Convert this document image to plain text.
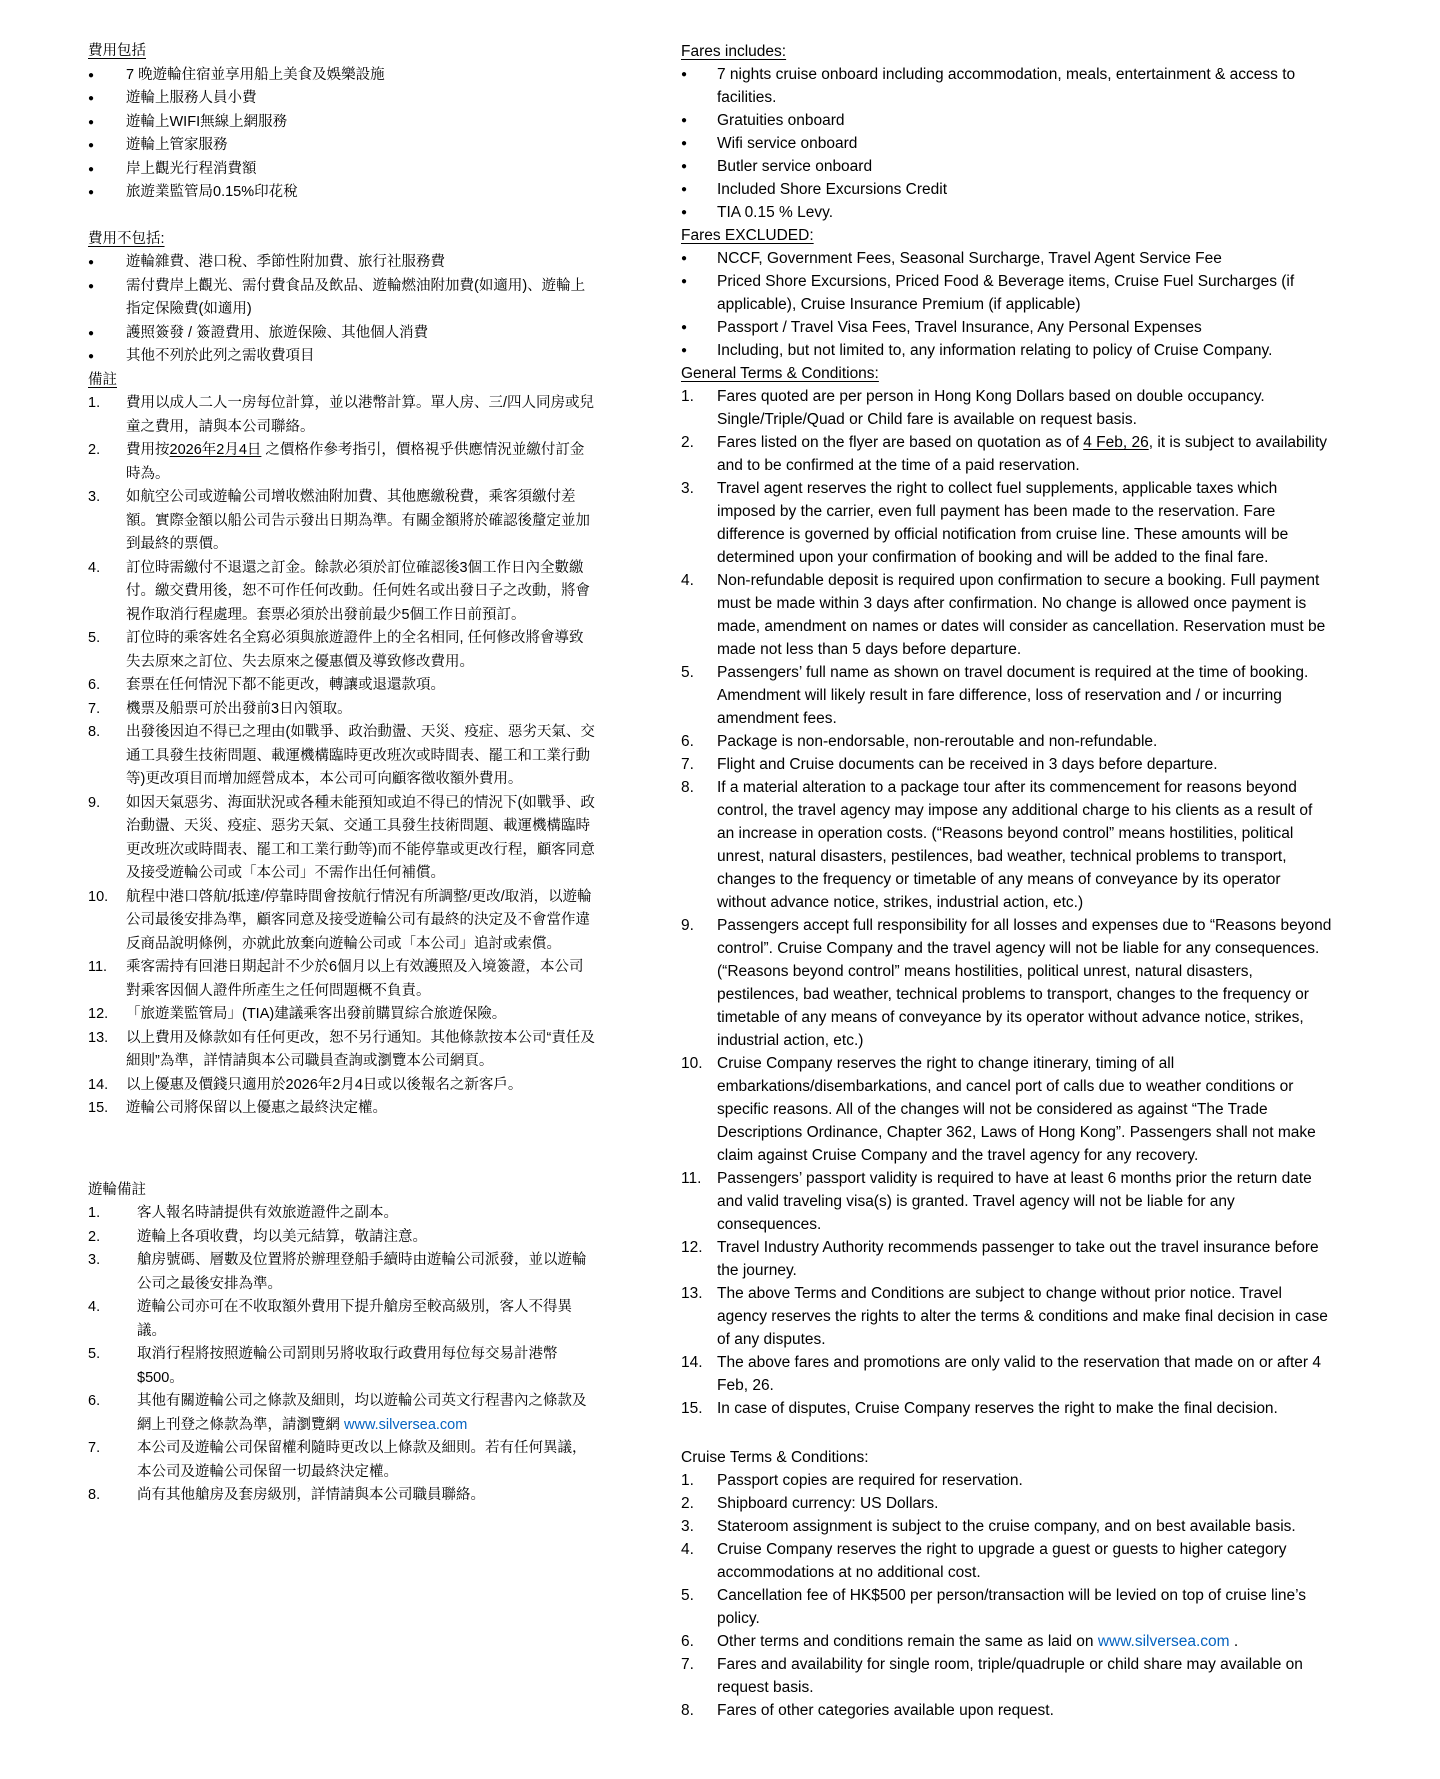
費用包括
●	7 晚遊輪住宿並享用船上美食及娛樂設施
●	遊輪上服務人員小費
●	遊輪上WIFI無線上網服務
●	遊輪上管家服務
●	岸上觀光行程消費額
●	旅遊業監管局0.15%印花稅
費用不包括:
●	遊輪雜費、港口稅、季節性附加費、旅行社服務費
●	需付費岸上觀光、需付費食品及飲品、遊輪燃油附加費(如適用)、遊輪上指定保險費(如適用)
●	護照簽發 / 簽證費用、旅遊保險、其他個人消費
●	其他不列於此列之需收費項目
備註
1.	費用以成人二人一房每位計算，並以港幣計算。單人房、三/四人同房或兒童之費用，請與本公司聯絡。
2.	費用按2026年2月4日 之價格作參考指引，價格視乎供應情況並繳付訂金時為。
3.	如航空公司或遊輪公司增收燃油附加費、其他應繳稅費，乘客須繳付差額。實際金額以船公司告示發出日期為準。有關金額將於確認後釐定並加到最終的票價。
4.	訂位時需繳付不退還之訂金。餘款必須於訂位確認後3個工作日內全數繳付。繳交費用後，恕不可作任何改動。任何姓名或出發日子之改動，將會視作取消行程處理。套票必須於出發前最少5個工作日前預訂。
5.	訂位時的乘客姓名全寫必須與旅遊證件上的全名相同, 任何修改將會導致失去原來之訂位、失去原來之優惠價及導致修改費用。
6.	套票在任何情況下都不能更改，轉讓或退還款項。
7.	機票及船票可於出發前3日內領取。
8.	出發後因迫不得已之理由(如戰爭、政治動盪、天災、疫症、惡劣天氣、交通工具發生技術問題、載運機構臨時更改班次或時間表、罷工和工業行動等)更改項目而增加經營成本，本公司可向顧客徵收額外費用。
9.	如因天氣惡劣、海面狀況或各種未能預知或迫不得已的情況下(如戰爭、政治動盪、天災、疫症、惡劣天氣、交通工具發生技術問題、載運機構臨時更改班次或時間表、罷工和工業行動等)而不能停靠或更改行程，顧客同意及接受遊輪公司或「本公司」不需作出任何補償。
10.	航程中港口啓航/抵達/停靠時間會按航行情況有所調整/更改/取消，以遊輪公司最後安排為準，顧客同意及接受遊輪公司有最終的決定及不會當作違反商品說明條例，亦就此放棄向遊輪公司或「本公司」追討或索償。
11.	乘客需持有回港日期起計不少於6個月以上有效護照及入境簽證，本公司對乘客因個人證件所產生之任何問題概不負責。
12.	「旅遊業監管局」(TIA)建議乘客出發前購買綜合旅遊保險。
13.	以上費用及條款如有任何更改，恕不另行通知。其他條款按本公司“責任及細則”為準，詳情請與本公司職員查詢或瀏覽本公司網頁。
14.	以上優惠及價錢只適用於2026年2月4日或以後報名之新客戶。
15.	遊輪公司將保留以上優惠之最終決定權。
遊輪備註
1.	客人報名時請提供有效旅遊證件之副本。
2.	遊輪上各項收費，均以美元結算，敬請注意。
3.	艙房號碼、層數及位置將於辦理登船手續時由遊輪公司派發，並以遊輪公司之最後安排為準。
4.	遊輪公司亦可在不收取額外費用下提升艙房至較高級別，客人不得異議。
5.	取消行程將按照遊輪公司罰則另將收取行政費用每位每交易計港幣$500。
6.	其他有關遊輪公司之條款及細則，均以遊輪公司英文行程書內之條款及網上刊登之條款為準，請瀏覽網 www.silversea.com
7.	本公司及遊輪公司保留權利隨時更改以上條款及細則。若有任何異議，本公司及遊輪公司保留一切最終決定權。
8.	尚有其他艙房及套房級別，詳情請與本公司職員聯絡。
Fares includes:
●	7 nights cruise onboard including accommodation, meals, entertainment & access to facilities.
●	Gratuities onboard
●	Wifi service onboard
●	Butler service onboard
●	Included Shore Excursions Credit
●	TIA 0.15 % Levy.
Fares EXCLUDED:
●	NCCF, Government Fees, Seasonal Surcharge, Travel Agent Service Fee
●	Priced Shore Excursions, Priced Food & Beverage items, Cruise Fuel Surcharges (if applicable), Cruise Insurance Premium (if applicable)
●	Passport / Travel Visa Fees, Travel Insurance, Any Personal Expenses
●	Including, but not limited to, any information relating to policy of Cruise Company.
General Terms & Conditions:
1.	Fares quoted are per person in Hong Kong Dollars based on double occupancy. Single/Triple/Quad or Child fare is available on request basis.
2.	Fares listed on the flyer are based on quotation as of 4 Feb, 26, it is subject to availability and to be confirmed at the time of a paid reservation.
3.	Travel agent reserves the right to collect fuel supplements, applicable taxes which imposed by the carrier, even full payment has been made to the reservation. Fare difference is governed by official notification from cruise line. These amounts will be determined upon your confirmation of booking and will be added to the final fare.
4.	Non-refundable deposit is required upon confirmation to secure a booking. Full payment must be made within 3 days after confirmation. No change is allowed once payment is made, amendment on names or dates will consider as cancellation. Reservation must be made not less than 5 days before departure.
5.	Passengers’ full name as shown on travel document is required at the time of booking. Amendment will likely result in fare difference, loss of reservation and / or incurring amendment fees.
6.	Package is non-endorsable, non-reroutable and non-refundable.
7.	Flight and Cruise documents can be received in 3 days before departure.
8.	If a material alteration to a package tour after its commencement for reasons beyond control, the travel agency may impose any additional charge to his clients as a result of an increase in operation costs. (“Reasons beyond control” means hostilities, political unrest, natural disasters, pestilences, bad weather, technical problems to transport, changes to the frequency or timetable of any means of conveyance by its operator without advance notice, strikes, industrial action, etc.)
9.	Passengers accept full responsibility for all losses and expenses due to “Reasons beyond control”. Cruise Company and the travel agency will not be liable for any consequences. (“Reasons beyond control” means hostilities, political unrest, natural disasters, pestilences, bad weather, technical problems to transport, changes to the frequency or timetable of any means of conveyance by its operator without advance notice, strikes, industrial action, etc.)
10. Cruise Company reserves the right to change itinerary, timing of all embarkations/disembarkations, and cancel port of calls due to weather conditions or specific reasons. All of the changes will not be considered as against “The Trade Descriptions Ordinance, Chapter 362, Laws of Hong Kong”. Passengers shall not make claim against Cruise Company and the travel agency for any recovery.
11.	Passengers’ passport validity is required to have at least 6 months prior the return date and valid traveling visa(s) is granted. Travel agency will not be liable for any consequences.
12. Travel Industry Authority recommends passenger to take out the travel insurance before the journey.
13. The above Terms and Conditions are subject to change without prior notice. Travel agency reserves the rights to alter the terms & conditions and make final decision in case of any disputes.
14. The above fares and promotions are only valid to the reservation that made on or after 4 Feb, 26.
15. In case of disputes, Cruise Company reserves the right to make the final decision.
Cruise Terms & Conditions:
1.	Passport copies are required for reservation.
2.	Shipboard currency: US Dollars.
3.	Stateroom assignment is subject to the cruise company, and on best available basis.
4.	Cruise Company reserves the right to upgrade a guest or guests to higher category accommodations at no additional cost.
5.	Cancellation fee of HK$500 per person/transaction will be levied on top of cruise line’s policy.
6.	Other terms and conditions remain the same as laid on www.silversea.com .
7.	Fares and availability for single room, triple/quadruple or child share may available on request basis.
8.	Fares of other categories available upon request.
